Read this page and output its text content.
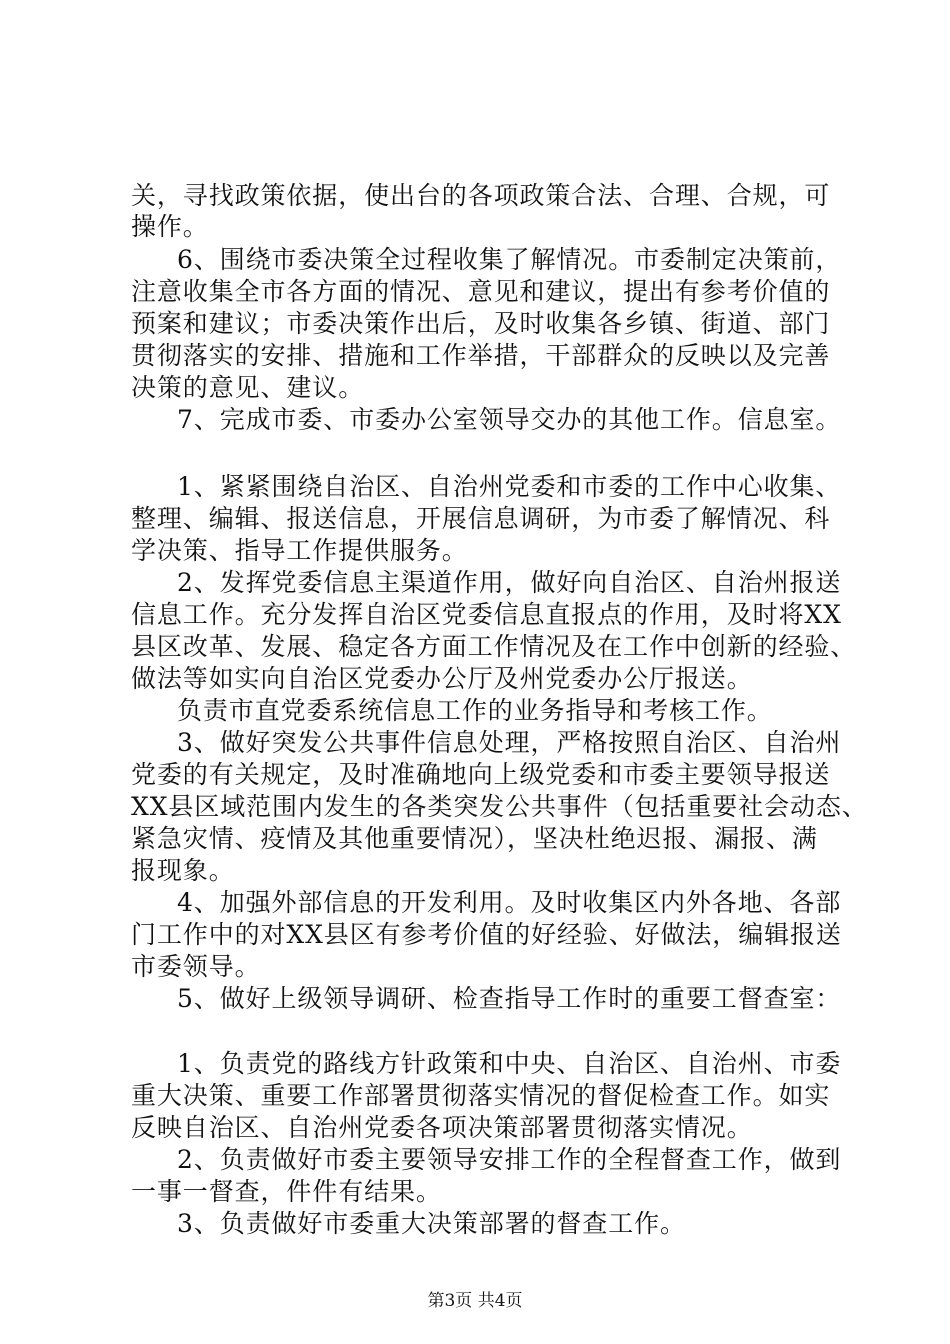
关，寻找政策依据，使出台的各项政策合法、合理、合规，可
操作。
6、围绕市委决策全过程收集了解情况。市委制定决策前，
注意收集全市各方面的情况、意见和建议，提出有参考价值的
预案和建议；市委决策作出后，及时收集各乡镇、街道、部门
贯彻落实的安排、措施和工作举措，干部群众的反映以及完善
决策的意见、建议。
7、完成市委、市委办公室领导交办的其他工作。信息室。
1、紧紧围绕自治区、自治州党委和市委的工作中心收集、
整理、编辑、报送信息，开展信息调研，为市委了解情况、科
学决策、指导工作提供服务。
2、发挥党委信息主渠道作用，做好向自治区、自治州报送
信息工作。充分发挥自治区党委信息直报点的作用，及时将XX
县区改革、发展、稳定各方面工作情况及在工作中创新的经验、
做法等如实向自治区党委办公厅及州党委办公厅报送。
负责市直党委系统信息工作的业务指导和考核工作。
3、做好突发公共事件信息处理，严格按照自治区、自治州
党委的有关规定，及时准确地向上级党委和市委主要领导报送
XX县区域范围内发生的各类突发公共事件（包括重要社会动态、
紧急灾情、疫情及其他重要情况），坚决杜绝迟报、漏报、满
报现象。
4、加强外部信息的开发利用。及时收集区内外各地、各部
门工作中的对XX县区有参考价值的好经验、好做法，编辑报送
市委领导。
5、做好上级领导调研、检查指导工作时的重要工督查室：
1、负责党的路线方针政策和中央、自治区、自治州、市委
重大决策、重要工作部署贯彻落实情况的督促检查工作。如实
反映自治区、自治州党委各项决策部署贯彻落实情况。
2、负责做好市委主要领导安排工作的全程督查工作，做到
一事一督查，件件有结果。
3、负责做好市委重大决策部署的督查工作。
第3页 共4页
